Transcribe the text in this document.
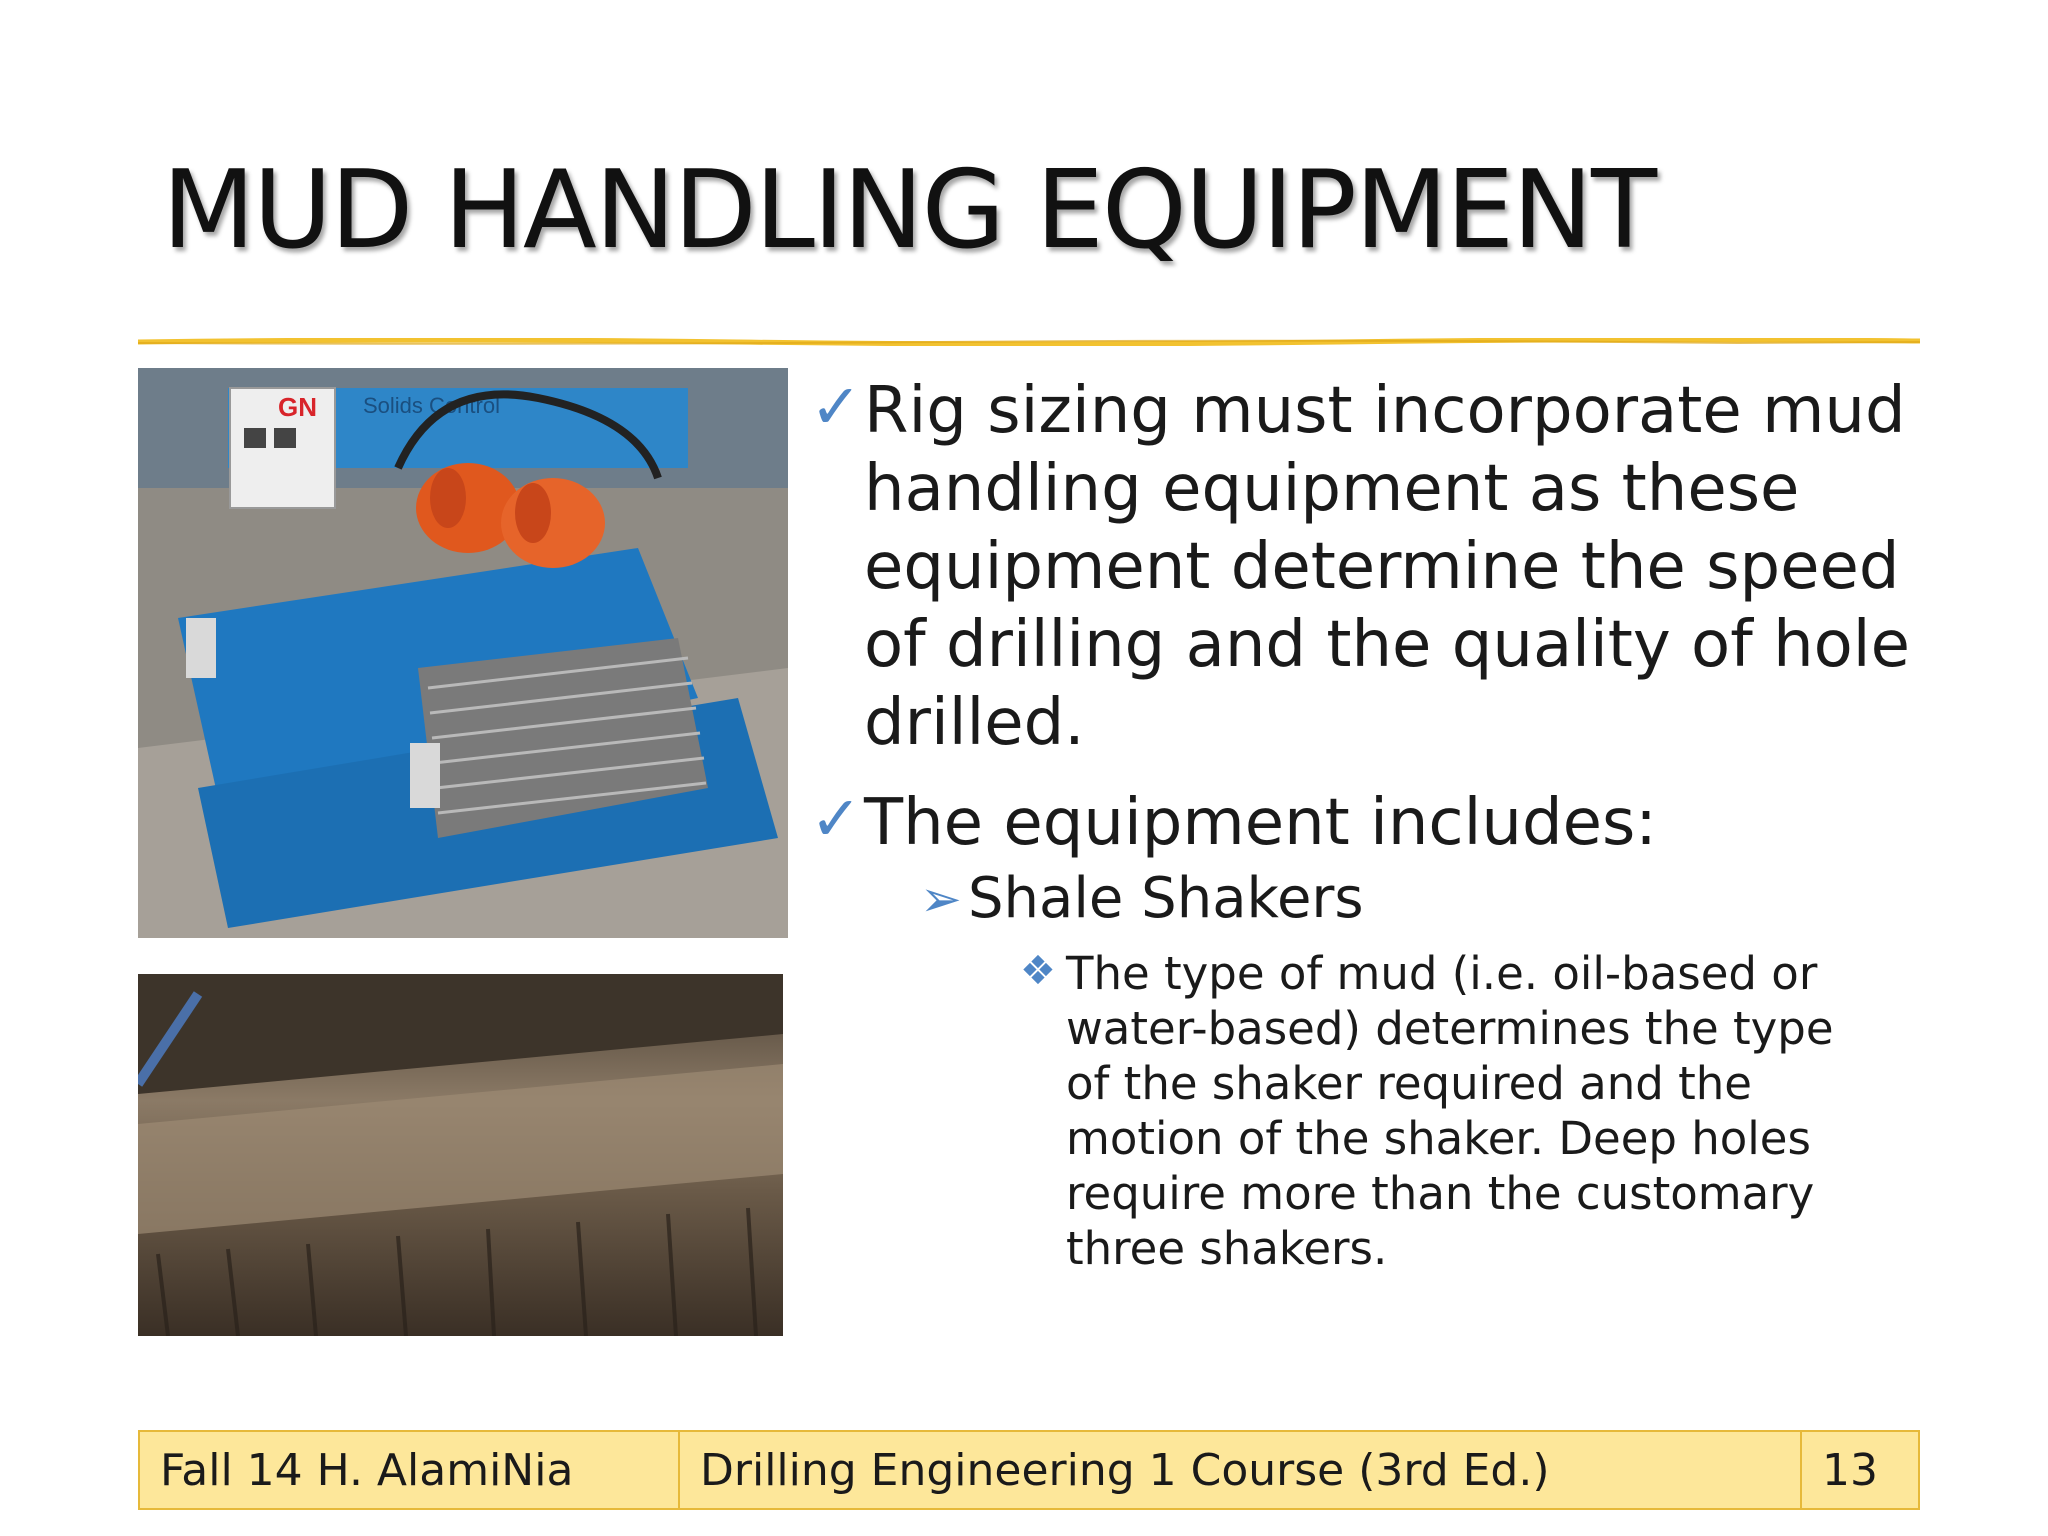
MUD HANDLING EQUIPMENT
GN Solids Control	✓ Rig sizing must incorporate mud handling equipment as these equipment determine the speed of drilling and the quality of hole drilled.
✓ The equipment includes:
➢ Shale Shakers
❖ The type of mud (i.e. oil-based or water-based) determines the type of the shaker required and the motion of the shaker. Deep holes require more than the customary three shakers.
Fall 14 H. AlamiNia	Drilling Engineering 1 Course (3rd Ed.)	13
